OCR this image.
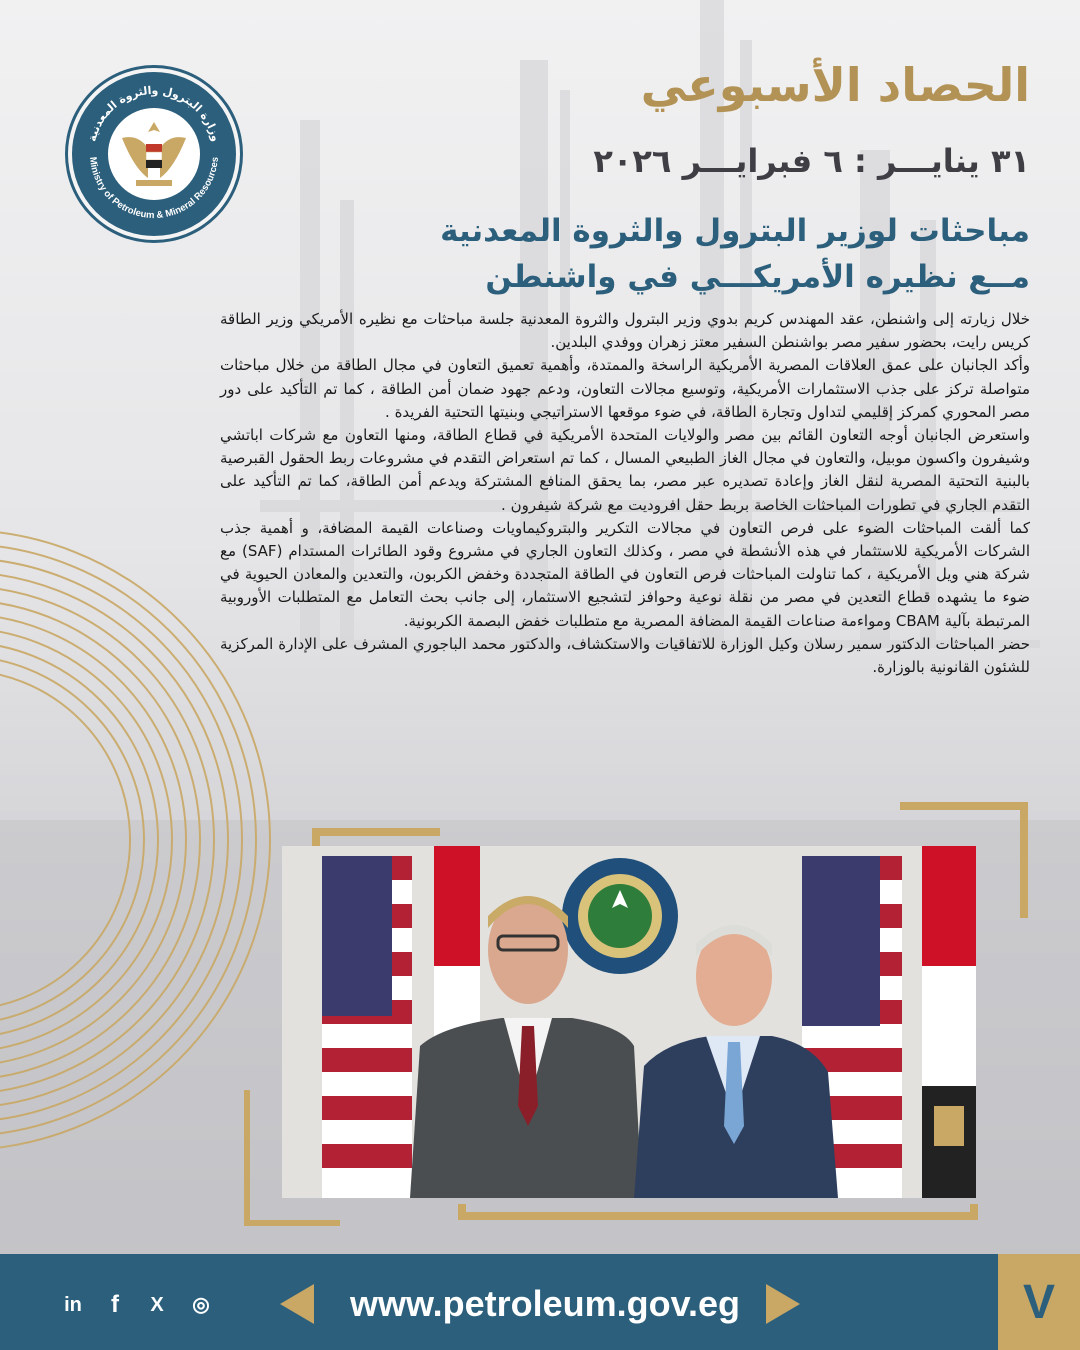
وزارة البترول والثروة المعدنية
Ministry of Petroleum & Mineral Resources
الحصاد الأسبوعي
٣١ ينايـــر : ٦ فبرايـــر ٢٠٢٦
مباحثات لوزير البترول والثروة المعدنية
مــع نظيره الأمريكـــي في واشنطن

خلال زيارته إلى واشنطن، عقد المهندس كريم بدوي وزير البترول والثروة المعدنية جلسة مباحثات مع نظيره الأمريكي وزير الطاقة كريس رايت، بحضور سفير مصر بواشنطن السفير معتز زهران ووفدي البلدين.

وأكد الجانبان على عمق العلاقات المصرية الأمريكية الراسخة والممتدة، وأهمية تعميق التعاون في مجال الطاقة من خلال مباحثات متواصلة تركز على جذب الاستثمارات الأمريكية، وتوسيع مجالات التعاون، ودعم جهود ضمان أمن الطاقة ، كما تم التأكيد على دور مصر المحوري كمركز إقليمي لتداول وتجارة الطاقة، في ضوء موقعها الاستراتيجي وبنيتها التحتية الفريدة .

واستعرض الجانبان أوجه التعاون القائم بين مصر والولايات المتحدة الأمريكية في قطاع الطاقة، ومنها التعاون مع شركات اباتشي وشيفرون واكسون موبيل، والتعاون في مجال الغاز الطبيعي المسال ، كما تم استعراض التقدم في مشروعات ربط الحقول القبرصية بالبنية التحتية المصرية لنقل الغاز وإعادة تصديره عبر مصر، بما يحقق المنافع المشتركة ويدعم أمن الطاقة، كما تم التأكيد على التقدم الجاري في تطورات المباحثات الخاصة بربط حقل افروديت مع شركة شيفرون .

كما ألقت المباحثات الضوء على فرص التعاون في مجالات التكرير والبتروكيماويات وصناعات القيمة المضافة، و أهمية جذب الشركات الأمريكية للاستثمار في هذه الأنشطة في مصر ، وكذلك التعاون الجاري في مشروع وقود الطائرات المستدام (SAF) مع شركة هني ويل الأمريكية ، كما تناولت المباحثات فرص التعاون في الطاقة المتجددة وخفض الكربون، والتعدين والمعادن الحيوية في ضوء ما يشهده قطاع التعدين في مصر من نقلة نوعية وحوافز لتشجيع الاستثمار، إلى جانب بحث التعامل مع المتطلبات الأوروبية المرتبطة بآلية CBAM ومواءمة صناعات القيمة المضافة المصرية مع متطلبات خفض البصمة الكربونية.

حضر المباحثات الدكتور سمير رسلان وكيل الوزارة للاتفاقيات والاستكشاف، والدكتور محمد الباجوري المشرف على الإدارة المركزية للشئون القانونية بالوزارة.

in	f	X	◎	www.petroleum.gov.eg	V
